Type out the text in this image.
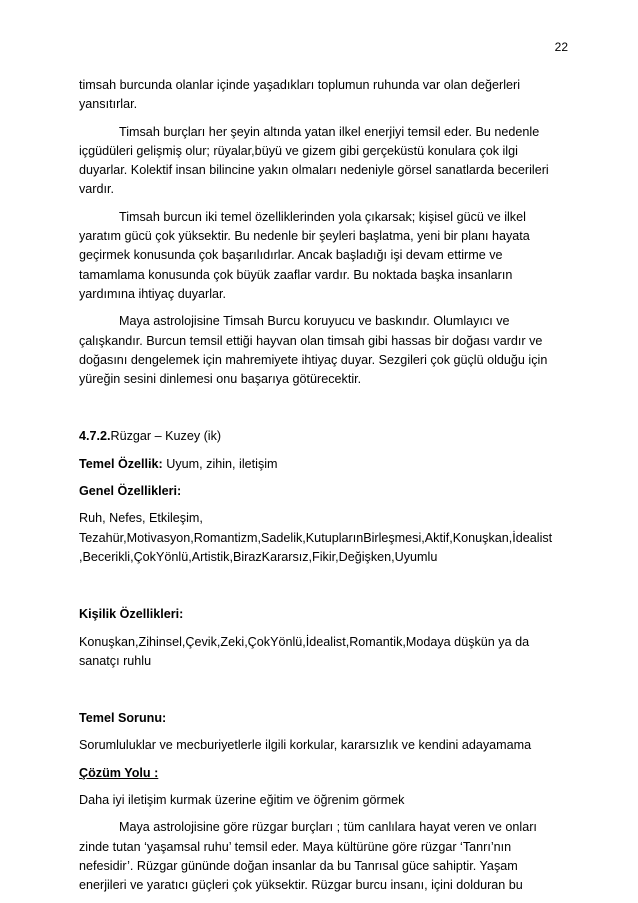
22

timsah burcunda olanlar içinde yaşadıkları toplumun ruhunda var olan değerleri yansıtırlar.

Timsah burçları her şeyin altında yatan ilkel enerjiyi temsil eder. Bu nedenle içgüdüleri gelişmiş olur; rüyalar,büyü ve gizem gibi gerçeküstü konulara çok ilgi duyarlar. Kolektif insan bilincine yakın olmaları nedeniyle görsel sanatlarda becerileri vardır.

Timsah burcun iki temel özelliklerinden yola çıkarsak; kişisel gücü ve ilkel yaratım gücü çok yüksektir. Bu nedenle bir şeyleri başlatma, yeni bir planı hayata geçirmek konusunda çok başarılıdırlar. Ancak başladığı işi devam ettirme ve tamamlama konusunda çok büyük zaaflar vardır. Bu noktada başka insanların yardımına ihtiyaç duyarlar.

Maya astrolojisine Timsah Burcu koruyucu ve baskındır. Olumlayıcı ve çalışkandır. Burcun temsil ettiği hayvan olan timsah gibi hassas bir doğası vardır ve doğasını dengelemek için mahremiyete ihtiyaç duyar. Sezgileri çok güçlü olduğu için yüreğin sesini dinlemesi onu başarıya götürecektir.

4.7.2.Rüzgar – Kuzey (ik)

Temel Özellik: Uyum, zihin, iletişim

Genel Özellikleri:

Ruh, Nefes, Etkileşim,

Tezahür,Motivasyon,Romantizm,Sadelik,KutuplarınBirleşmesi,Aktif,Konuşkan,İdealist

,Becerikli,ÇokYönlü,Artistik,BirazKararsız,Fikir,Değişken,Uyumlu

Kişilik Özellikleri:

Konuşkan,Zihinsel,Çevik,Zeki,ÇokYönlü,İdealist,Romantik,Modaya düşkün ya da sanatçı ruhlu

Temel Sorunu:

Sorumluluklar ve mecburiyetlerle ilgili korkular, kararsızlık ve kendini adayamama

Çözüm Yolu :

Daha iyi iletişim kurmak üzerine eğitim ve öğrenim görmek

Maya astrolojisine göre rüzgar burçları ; tüm canlılara hayat veren ve onları zinde tutan ‘yaşamsal ruhu’ temsil eder. Maya kültürüne göre rüzgar ‘Tanrı’nın nefesidir’. Rüzgar gününde doğan insanlar da bu Tanrısal güce sahiptir. Yaşam enerjileri ve yaratıcı güçleri çok yüksektir. Rüzgar burcu insanı, içini dolduran bu
